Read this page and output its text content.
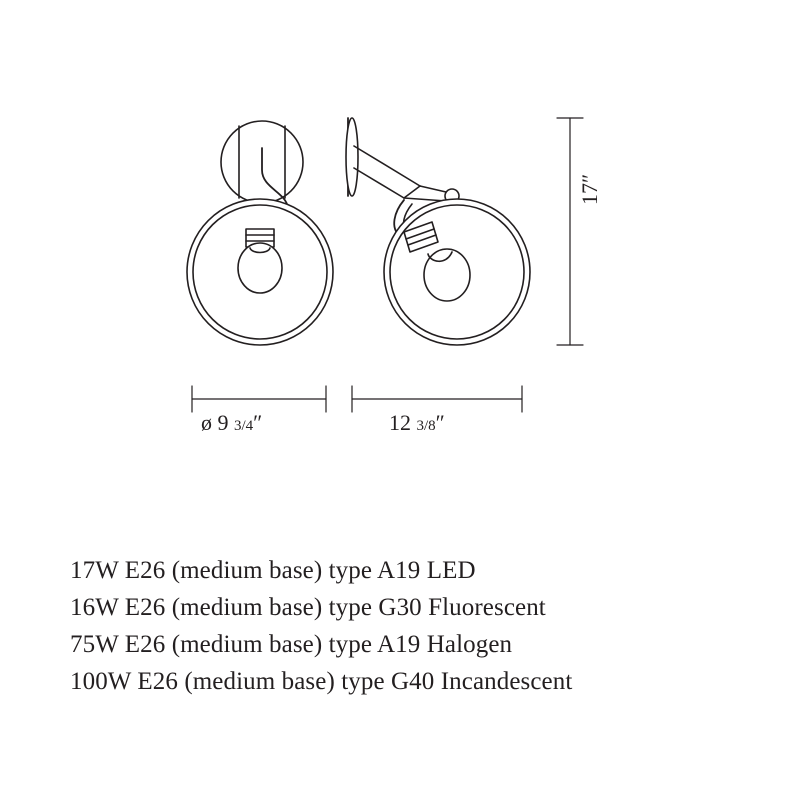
ø 9 3/4″	12 3/8″
17″
17W E26 (medium base) type A19 LED
16W E26 (medium base) type G30 Fluorescent
75W E26 (medium base) type A19 Halogen
100W E26 (medium base) type G40 Incandescent
